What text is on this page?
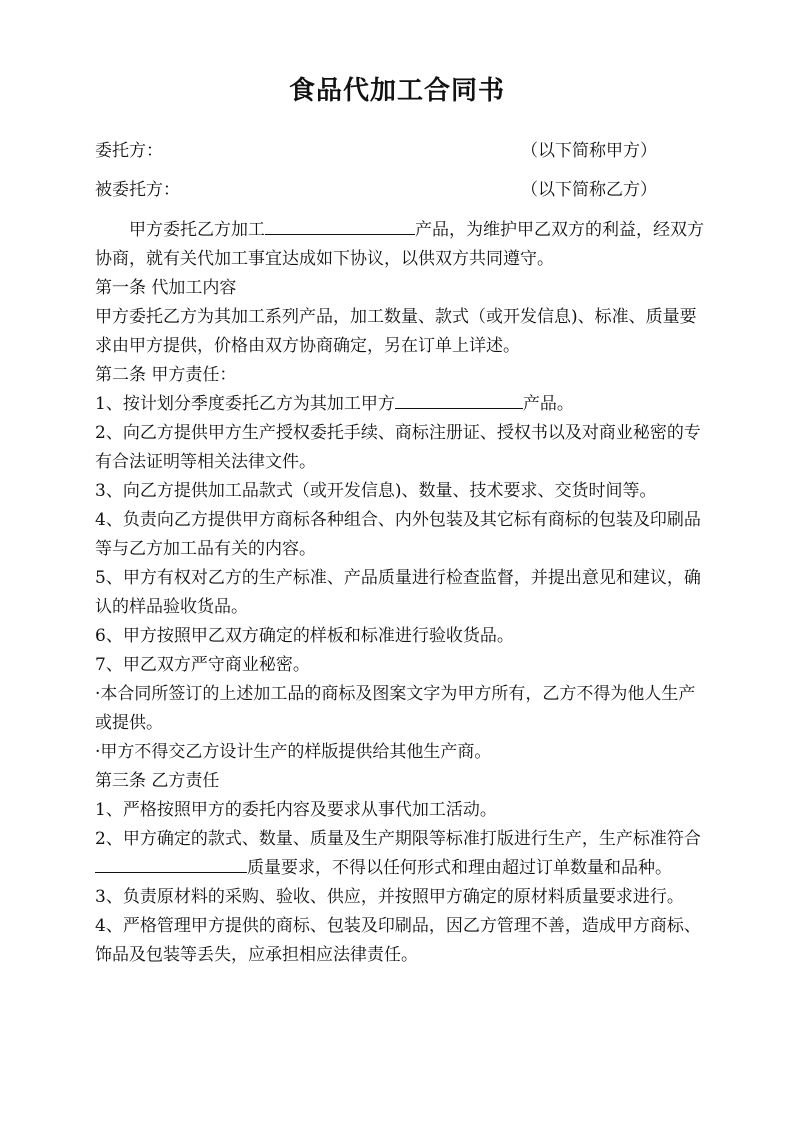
食品代加工合同书
委托方：	（以下简称甲方）
被委托方：	（以下简称乙方）

甲方委托乙方加工	产品，为维护甲乙双方的利益，经双方协商，就有关代加工事宜达成如下协议，以供双方共同遵守。

第一条 代加工内容

甲方委托乙方为其加工系列产品，加工数量、款式（或开发信息)、标准、质量要求由甲方提供，价格由双方协商确定，另在订单上详述。

第二条 甲方责任：

1、按计划分季度委托乙方为其加工甲方	产品。

2、向乙方提供甲方生产授权委托手续、商标注册证、授权书以及对商业秘密的专有合法证明等相关法律文件。

3、向乙方提供加工品款式（或开发信息)、数量、技术要求、交货时间等。

4、负责向乙方提供甲方商标各种组合、内外包装及其它标有商标的包装及印刷品等与乙方加工品有关的内容。

5、甲方有权对乙方的生产标准、产品质量进行检查监督，并提出意见和建议，确认的样品验收货品。

6、甲方按照甲乙双方确定的样板和标准进行验收货品。

7、甲乙双方严守商业秘密。

·本合同所签订的上述加工品的商标及图案文字为甲方所有，乙方不得为他人生产或提供。

·甲方不得交乙方设计生产的样版提供给其他生产商。

第三条 乙方责任

1、严格按照甲方的委托内容及要求从事代加工活动。

2、甲方确定的款式、数量、质量及生产期限等标准打版进行生产，生产标准符合质量要求，不得以任何形式和理由超过订单数量和品种。

3、负责原材料的采购、验收、供应，并按照甲方确定的原材料质量要求进行。

4、严格管理甲方提供的商标、包装及印刷品，因乙方管理不善，造成甲方商标、饰品及包装等丢失，应承担相应法律责任。
